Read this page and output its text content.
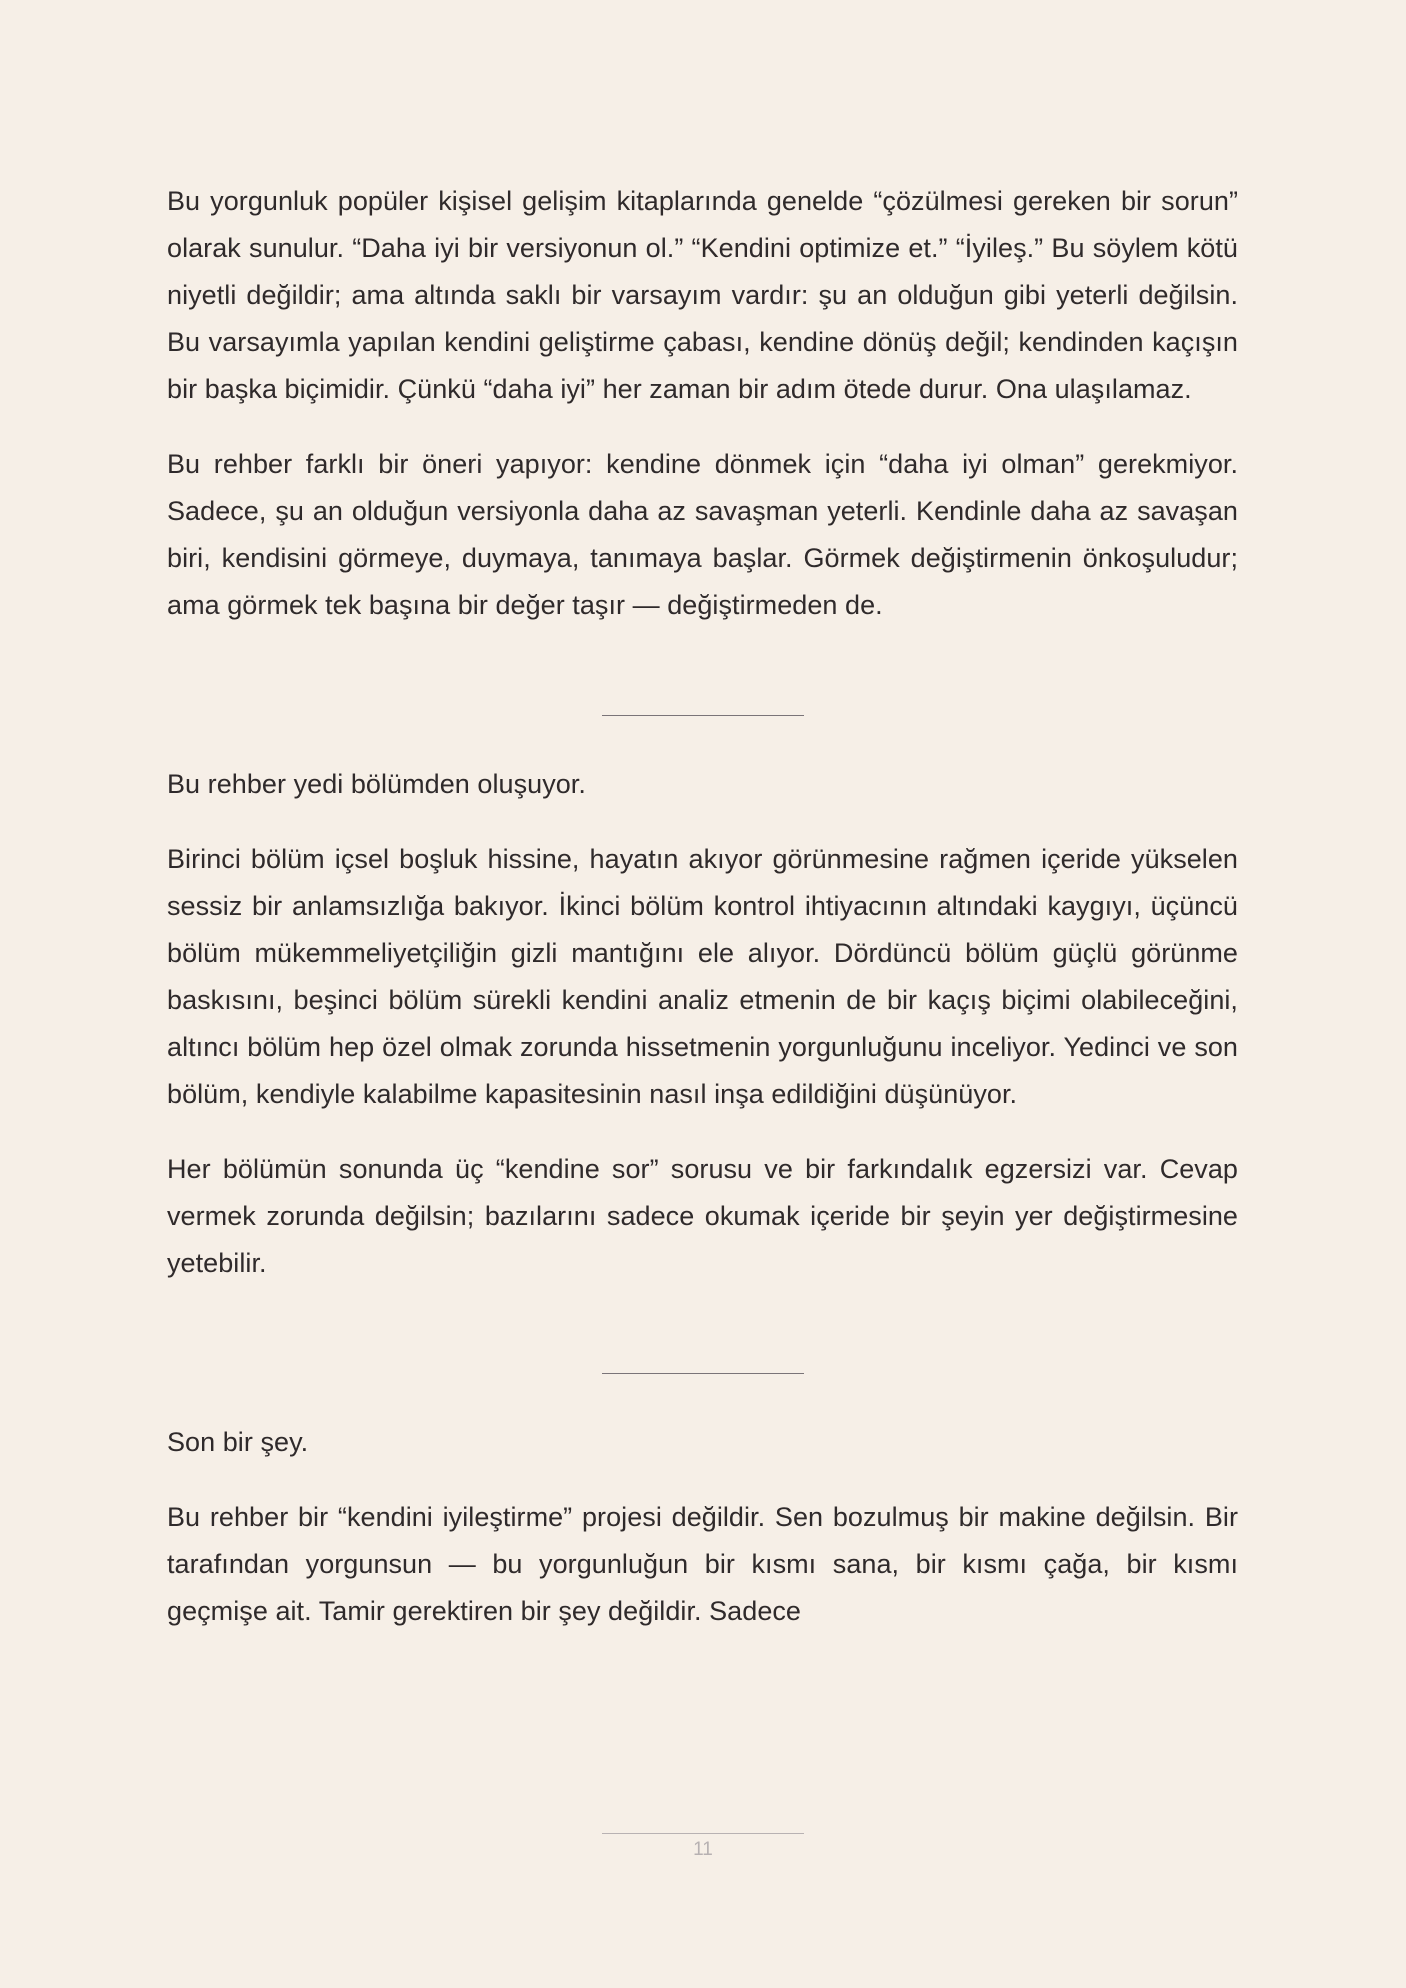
Bu yorgunluk popüler kişisel gelişim kitaplarında genelde “çözülmesi gereken bir sorun” olarak sunulur. “Daha iyi bir versiyonun ol.” “Kendini optimize et.” “İyileş.” Bu söylem kötü niyetli değildir; ama altında saklı bir varsayım vardır: şu an olduğun gibi yeterli değilsin. Bu varsayımla yapılan kendini geliştirme çabası, kendine dönüş değil; kendinden kaçışın bir başka biçimidir. Çünkü “daha iyi” her zaman bir adım ötede durur. Ona ulaşılamaz.

Bu rehber farklı bir öneri yapıyor: kendine dönmek için “daha iyi olman” gerekmiyor. Sadece, şu an olduğun versiyonla daha az savaşman yeterli. Kendinle daha az savaşan biri, kendisini görmeye, duymaya, tanımaya başlar. Görmek değiştirmenin önkoşuludur; ama görmek tek başına bir değer taşır — değiştirmeden de.

Bu rehber yedi bölümden oluşuyor.

Birinci bölüm içsel boşluk hissine, hayatın akıyor görünmesine rağmen içeride yükselen sessiz bir anlamsızlığa bakıyor. İkinci bölüm kontrol ihtiyacının altındaki kaygıyı, üçüncü bölüm mükemmeliyetçiliğin gizli mantığını ele alıyor. Dördüncü bölüm güçlü görünme baskısını, beşinci bölüm sürekli kendini analiz etmenin de bir kaçış biçimi olabileceğini, altıncı bölüm hep özel olmak zorunda hissetmenin yorgunluğunu inceliyor. Yedinci ve son bölüm, kendiyle kalabilme kapasitesinin nasıl inşa edildiğini düşünüyor.

Her bölümün sonunda üç “kendine sor” sorusu ve bir farkındalık egzersizi var. Cevap vermek zorunda değilsin; bazılarını sadece okumak içeride bir şeyin yer değiştirmesine yetebilir.

Son bir şey.

Bu rehber bir “kendini iyileştirme” projesi değildir. Sen bozulmuş bir makine değilsin. Bir tarafından yorgunsun — bu yorgunluğun bir kısmı sana, bir kısmı çağa, bir kısmı geçmişe ait. Tamir gerektiren bir şey değildir. Sadece

11
